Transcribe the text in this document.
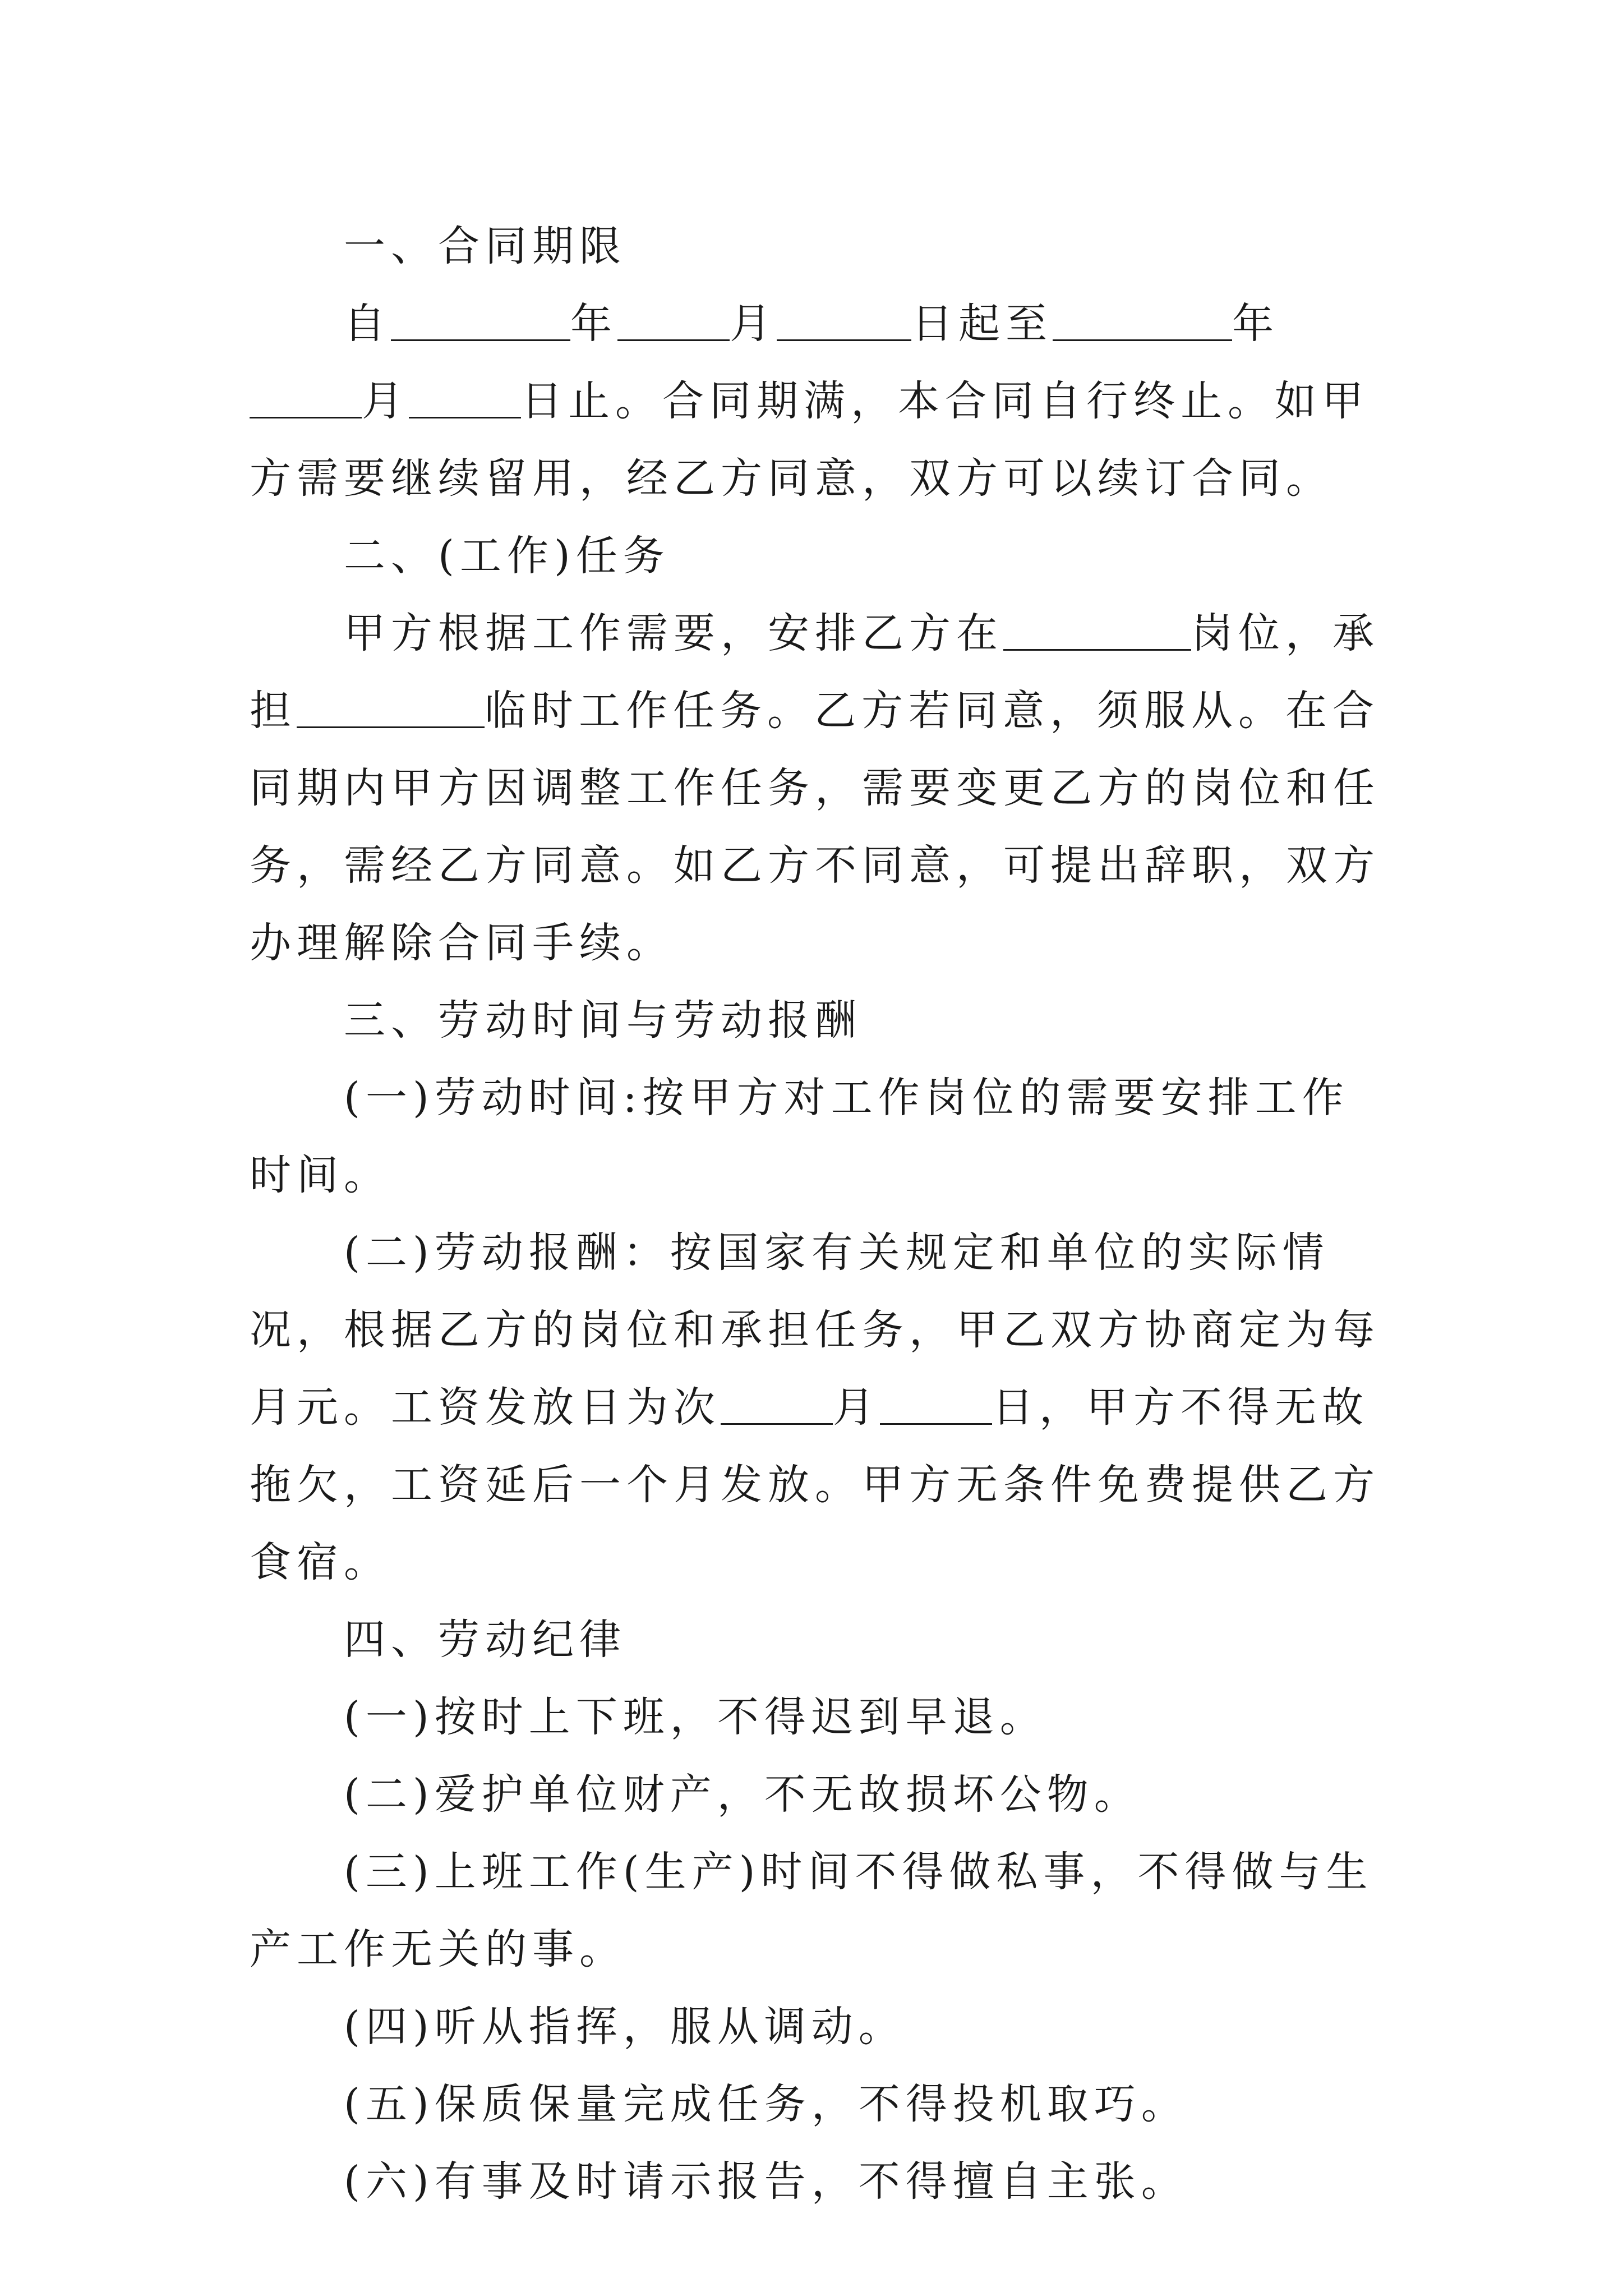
一、合同期限

自	年	月	日起至	年月	日止。合同期满，本合同自行终止。如甲方需要继续留用，经乙方同意，双方可以续订合同。

二、(工作)任务

甲方根据工作需要，安排乙方在	岗位，承担	临时工作任务。乙方若同意，须服从。在合同期内甲方因调整工作任务，需要变更乙方的岗位和任务，需经乙方同意。如乙方不同意，可提出辞职，双方办理解除合同手续。

三、劳动时间与劳动报酬

(一)劳动时间:按甲方对工作岗位的需要安排工作时间。

(二)劳动报酬：按国家有关规定和单位的实际情况，根据乙方的岗位和承担任务，甲乙双方协商定为每月元。工资发放日为次	月	日，甲方不得无故拖欠，工资延后一个月发放。甲方无条件免费提供乙方食宿。

四、劳动纪律

(一)按时上下班，不得迟到早退。

(二)爱护单位财产，不无故损坏公物。

(三)上班工作(生产)时间不得做私事，不得做与生产工作无关的事。

(四)听从指挥，服从调动。

(五)保质保量完成任务，不得投机取巧。

(六)有事及时请示报告，不得擅自主张。
